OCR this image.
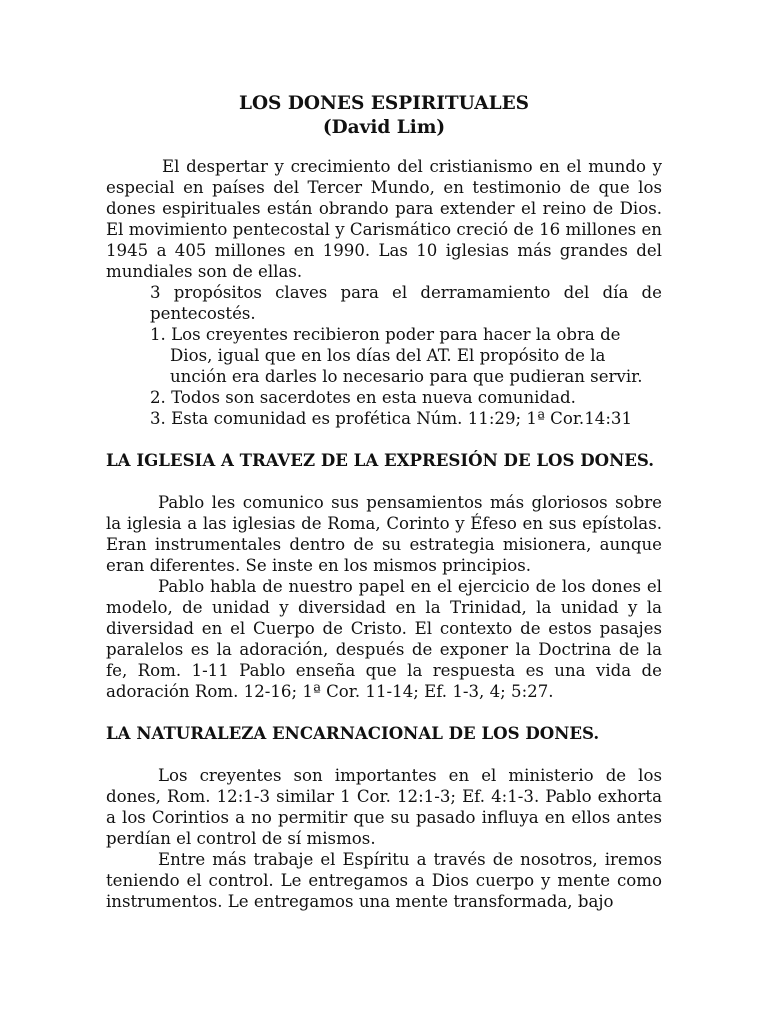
LOS DONES ESPIRITUALES
(David Lim)

El despertar y crecimiento del cristianismo en el mundo y especial en países del Tercer Mundo, en testimonio de que los dones espirituales están obrando para extender el reino de Dios. El movimiento pentecostal y Carismático creció de 16 millones en 1945 a 405 millones en 1990. Las 10 iglesias más grandes del mundiales son de ellas.

3 propósitos claves para el derramamiento del día de pentecostés.

1. Los creyentes recibieron poder para hacer la obra de Dios, igual que en los días del AT. El propósito de la unción era darles lo necesario para que pudieran servir.
2. Todos son sacerdotes en esta nueva comunidad.
3. Esta comunidad es profética Núm. 11:29; 1ª Cor.14:31
LA IGLESIA A TRAVEZ DE LA EXPRESIÓN DE LOS DONES.

Pablo les comunico sus pensamientos más gloriosos sobre la iglesia a las iglesias de Roma, Corinto y Éfeso en sus epístolas. Eran instrumentales dentro de su estrategia misionera, aunque eran diferentes. Se inste en los mismos principios.

Pablo habla de nuestro papel en el ejercicio de los dones el modelo, de unidad y diversidad en la Trinidad, la unidad y la diversidad en el Cuerpo de Cristo. El contexto de estos pasajes paralelos es la adoración, después de exponer la Doctrina de la fe, Rom. 1-11 Pablo enseña que la respuesta es una vida de adoración Rom. 12-16; 1ª Cor. 11-14; Ef. 1-3, 4; 5:27.

LA NATURALEZA ENCARNACIONAL DE LOS DONES.

Los creyentes son importantes en el ministerio de los dones, Rom. 12:1-3 similar 1 Cor. 12:1-3; Ef. 4:1-3. Pablo exhorta a los Corintios a no permitir que su pasado influya en ellos antes perdían el control de sí mismos.

Entre más trabaje el Espíritu a través de nosotros, iremos teniendo el control. Le entregamos a Dios cuerpo y mente como instrumentos. Le entregamos una mente transformada, bajo
